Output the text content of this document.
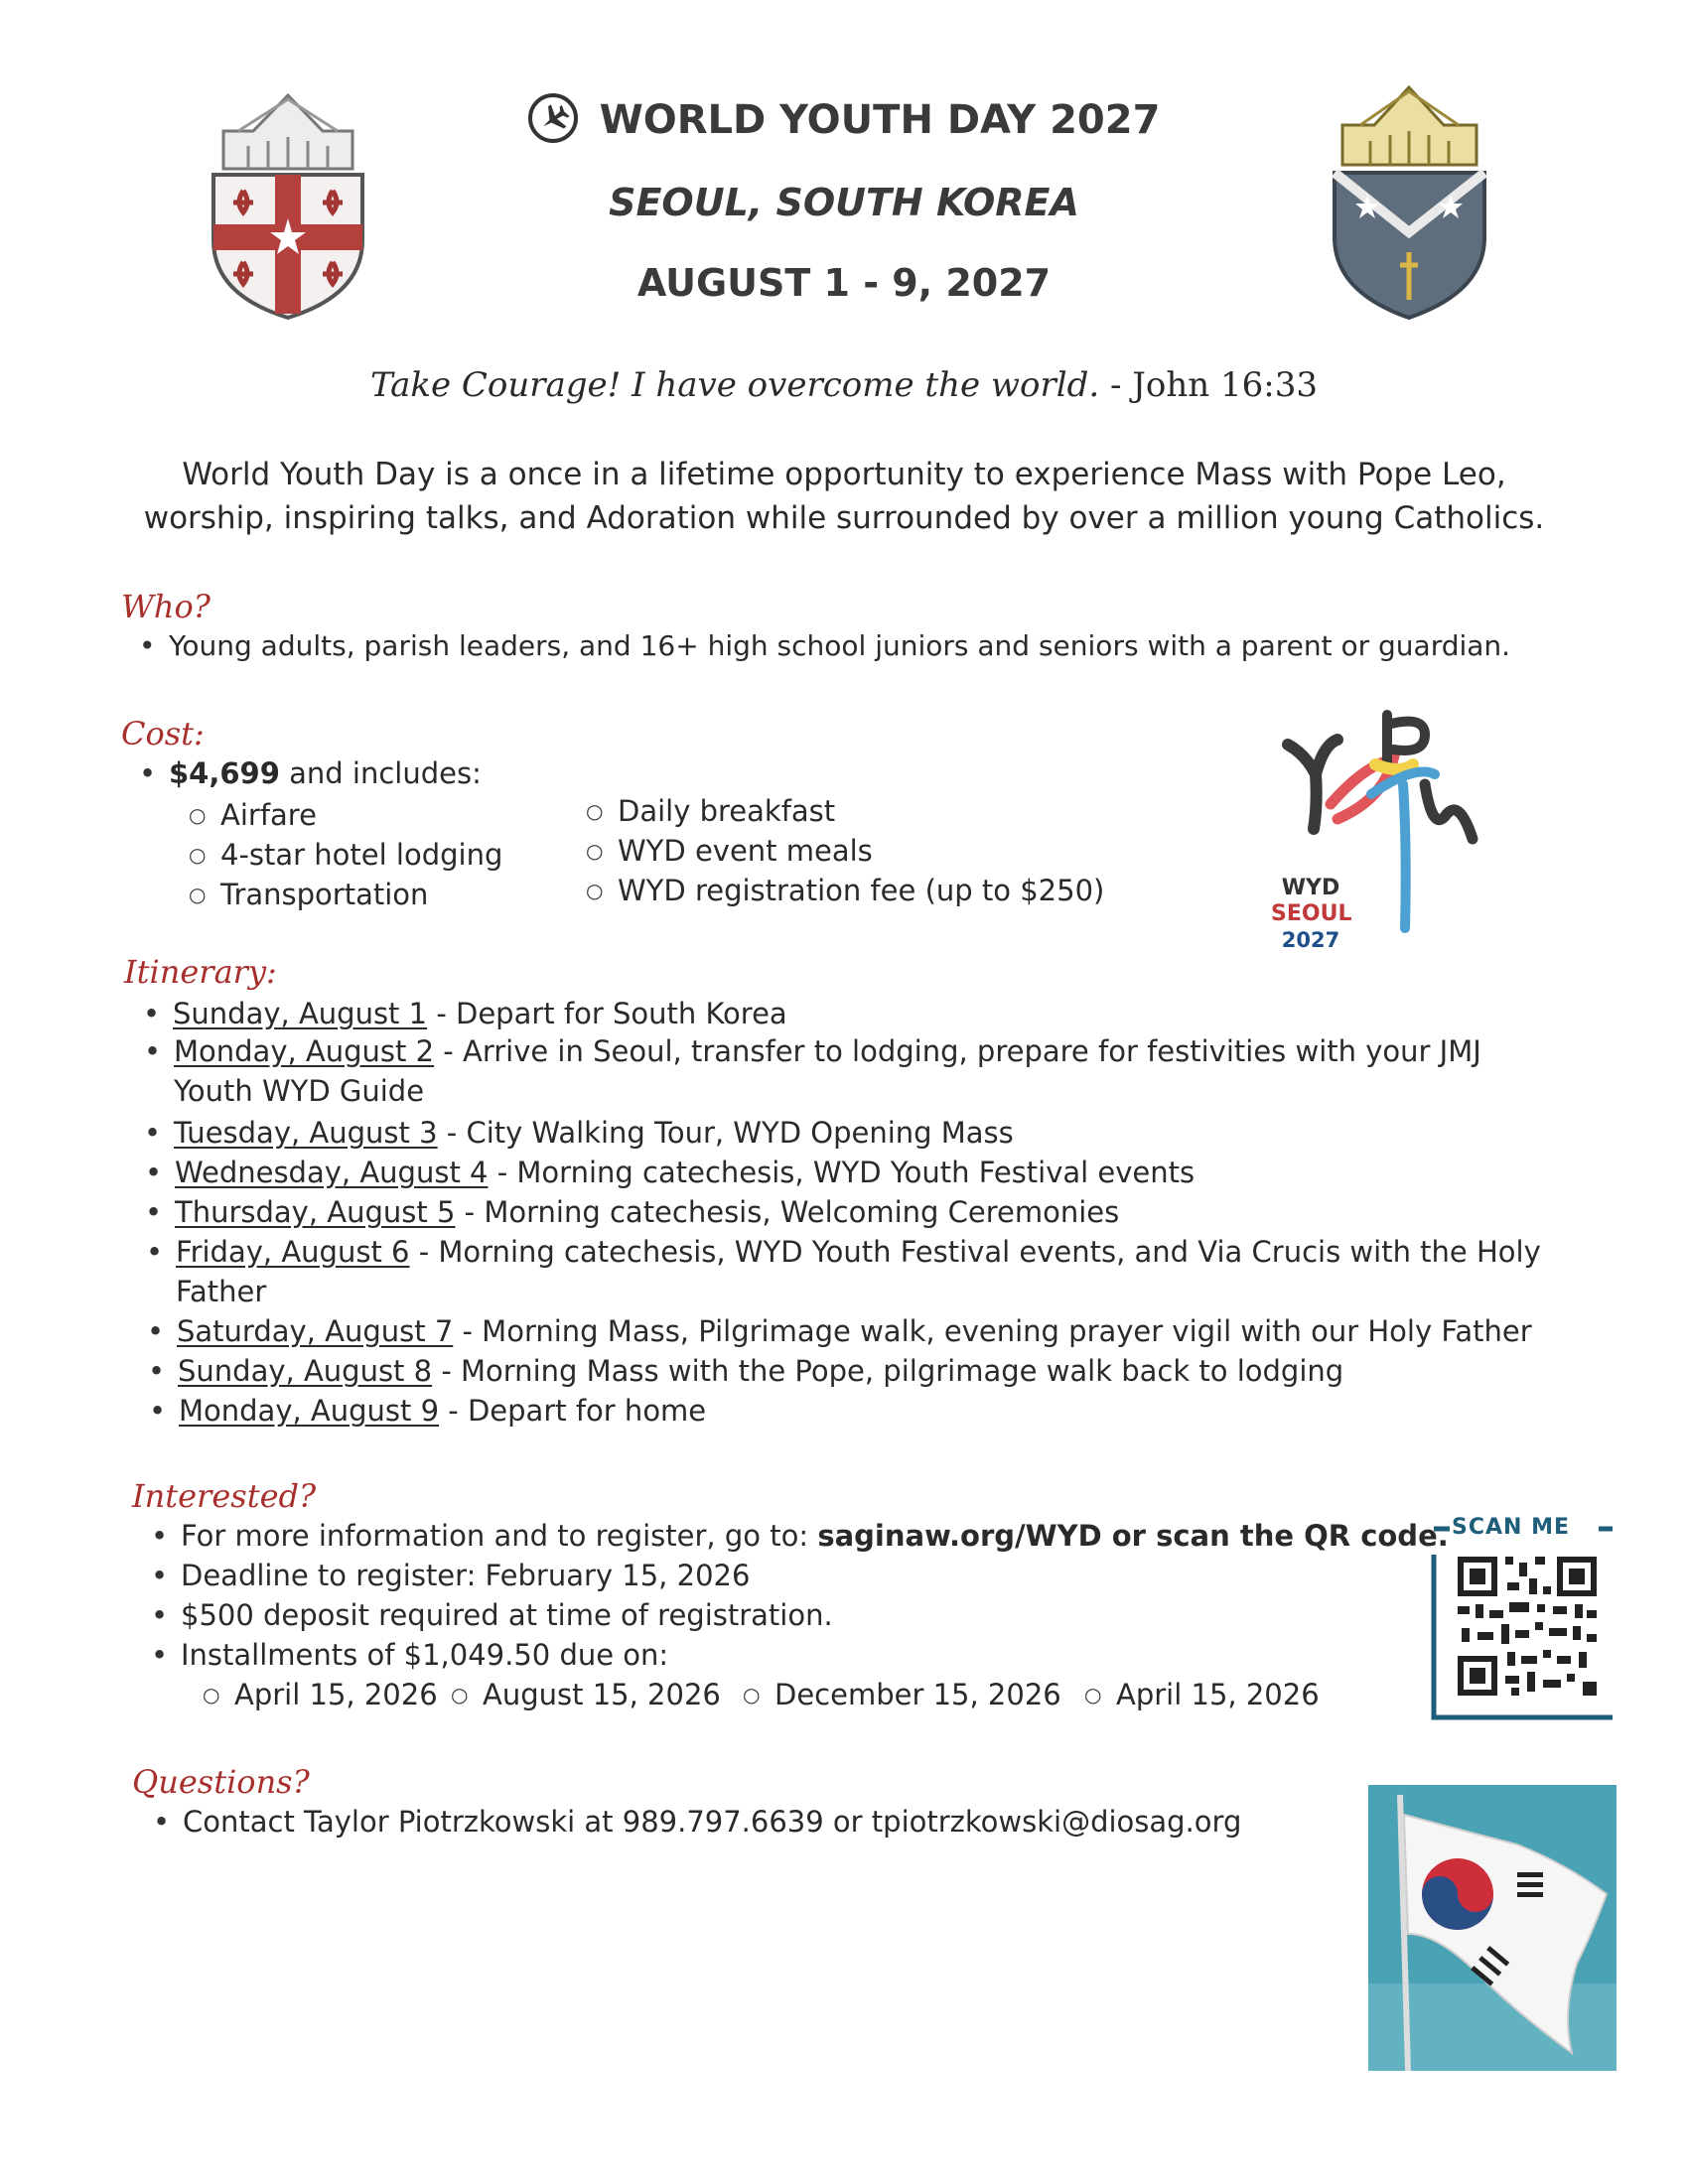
WORLD YOUTH DAY 2027
SEOUL, SOUTH KOREA
AUGUST 1 - 9, 2027
Take Courage! I have overcome the world. - John 16:33
World Youth Day is a once in a lifetime opportunity to experience Mass with Pope Leo,
worship, inspiring talks, and Adoration while surrounded by over a million young Catholics.
Who?
• Young adults, parish leaders, and 16+ high school juniors and seniors with a parent or guardian.
Cost:
• $4,699 and includes:
○ Airfare
○ 4-star hotel lodging
○ Transportation
○ Daily breakfast
○ WYD event meals
○ WYD registration fee (up to $250)	WYD
SEOUL
2027
Itinerary:
• Sunday, August 1 - Depart for South Korea
• Monday, August 2 - Arrive in Seoul, transfer to lodging, prepare for festivities with your JMJ
Youth WYD Guide
• Tuesday, August 3 - City Walking Tour, WYD Opening Mass
• Wednesday, August 4 - Morning catechesis, WYD Youth Festival events
• Thursday, August 5 - Morning catechesis, Welcoming Ceremonies
• Friday, August 6 - Morning catechesis, WYD Youth Festival events, and Via Crucis with the Holy
Father
• Saturday, August 7 - Morning Mass, Pilgrimage walk, evening prayer vigil with our Holy Father
• Sunday, August 8 - Morning Mass with the Pope, pilgrimage walk back to lodging
• Monday, August 9 - Depart for home
Interested?
• For more information and to register, go to: saginaw.org/WYD or scan the QR code.
• Deadline to register: February 15, 2026
• $500 deposit required at time of registration.
• Installments of $1,049.50 due on:
○ April 15, 2026 ○ August 15, 2026 ○ December 15, 2026 ○ April 15, 2026
SCAN ME
Questions?
• Contact Taylor Piotrzkowski at 989.797.6639 or tpiotrzkowski@diosag.org
